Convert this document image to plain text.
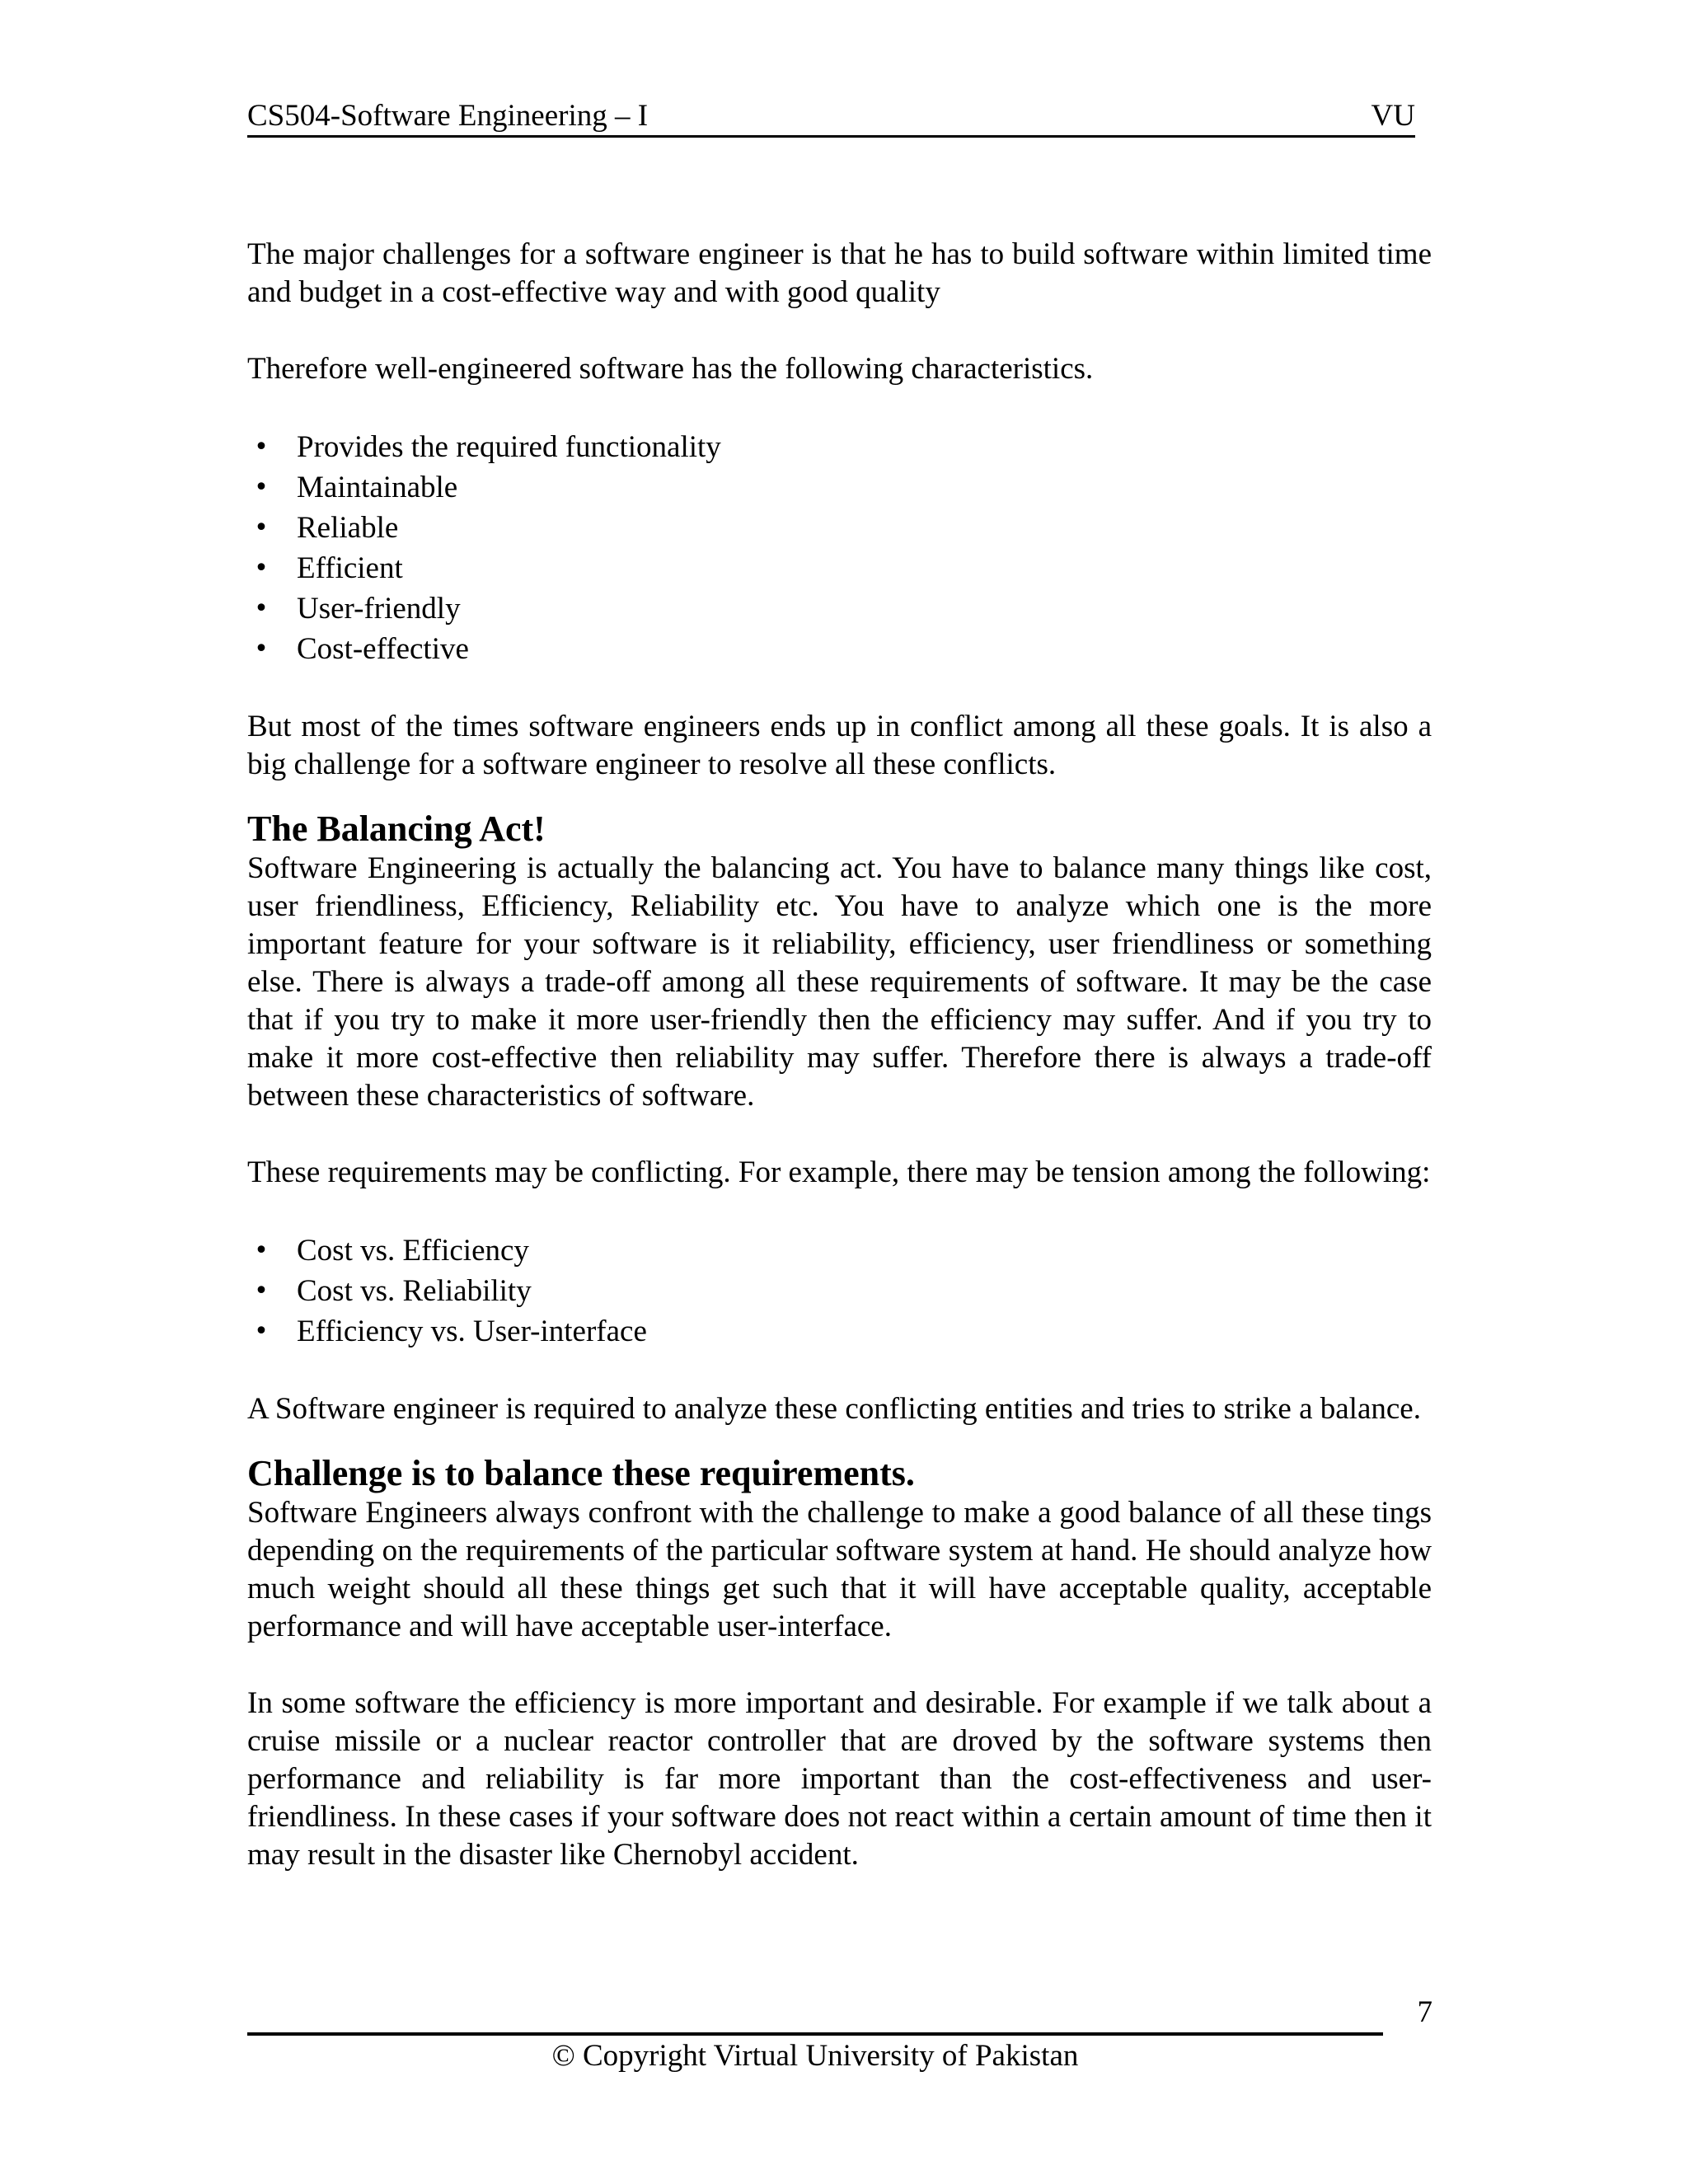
CS504-Software Engineering – I	VU

The major challenges for a software engineer is that he has to build software within limited time and budget in a cost-effective way and with good quality

Therefore well-engineered software has the following characteristics.

• Provides the required functionality
• Maintainable
• Reliable
• Efficient
• User-friendly
• Cost-effective

But most of the times software engineers ends up in conflict among all these goals. It is also a big challenge for a software engineer to resolve all these conflicts.

The Balancing Act!

Software Engineering is actually the balancing act. You have to balance many things like cost, user friendliness, Efficiency, Reliability etc. You have to analyze which one is the more important feature for your software is it reliability, efficiency, user friendliness or something else. There is always a trade-off among all these requirements of software. It may be the case that if you try to make it more user-friendly then the efficiency may suffer. And if you try to make it more cost-effective then reliability may suffer. Therefore there is always a trade-off between these characteristics of software.

These requirements may be conflicting. For example, there may be tension among the following:

• Cost vs. Efficiency
• Cost vs. Reliability
• Efficiency vs. User-interface

A Software engineer is required to analyze these conflicting entities and tries to strike a balance.

Challenge is to balance these requirements.

Software Engineers always confront with the challenge to make a good balance of all these tings depending on the requirements of the particular software system at hand. He should analyze how much weight should all these things get such that it will have acceptable quality, acceptable performance and will have acceptable user-interface.

In some software the efficiency is more important and desirable. For example if we talk about a cruise missile or a nuclear reactor controller that are droved by the software systems then performance and reliability is far more important than the cost-effectiveness and user-friendliness. In these cases if your software does not react within a certain amount of time then it may result in the disaster like Chernobyl accident.

7
© Copyright Virtual University of Pakistan
